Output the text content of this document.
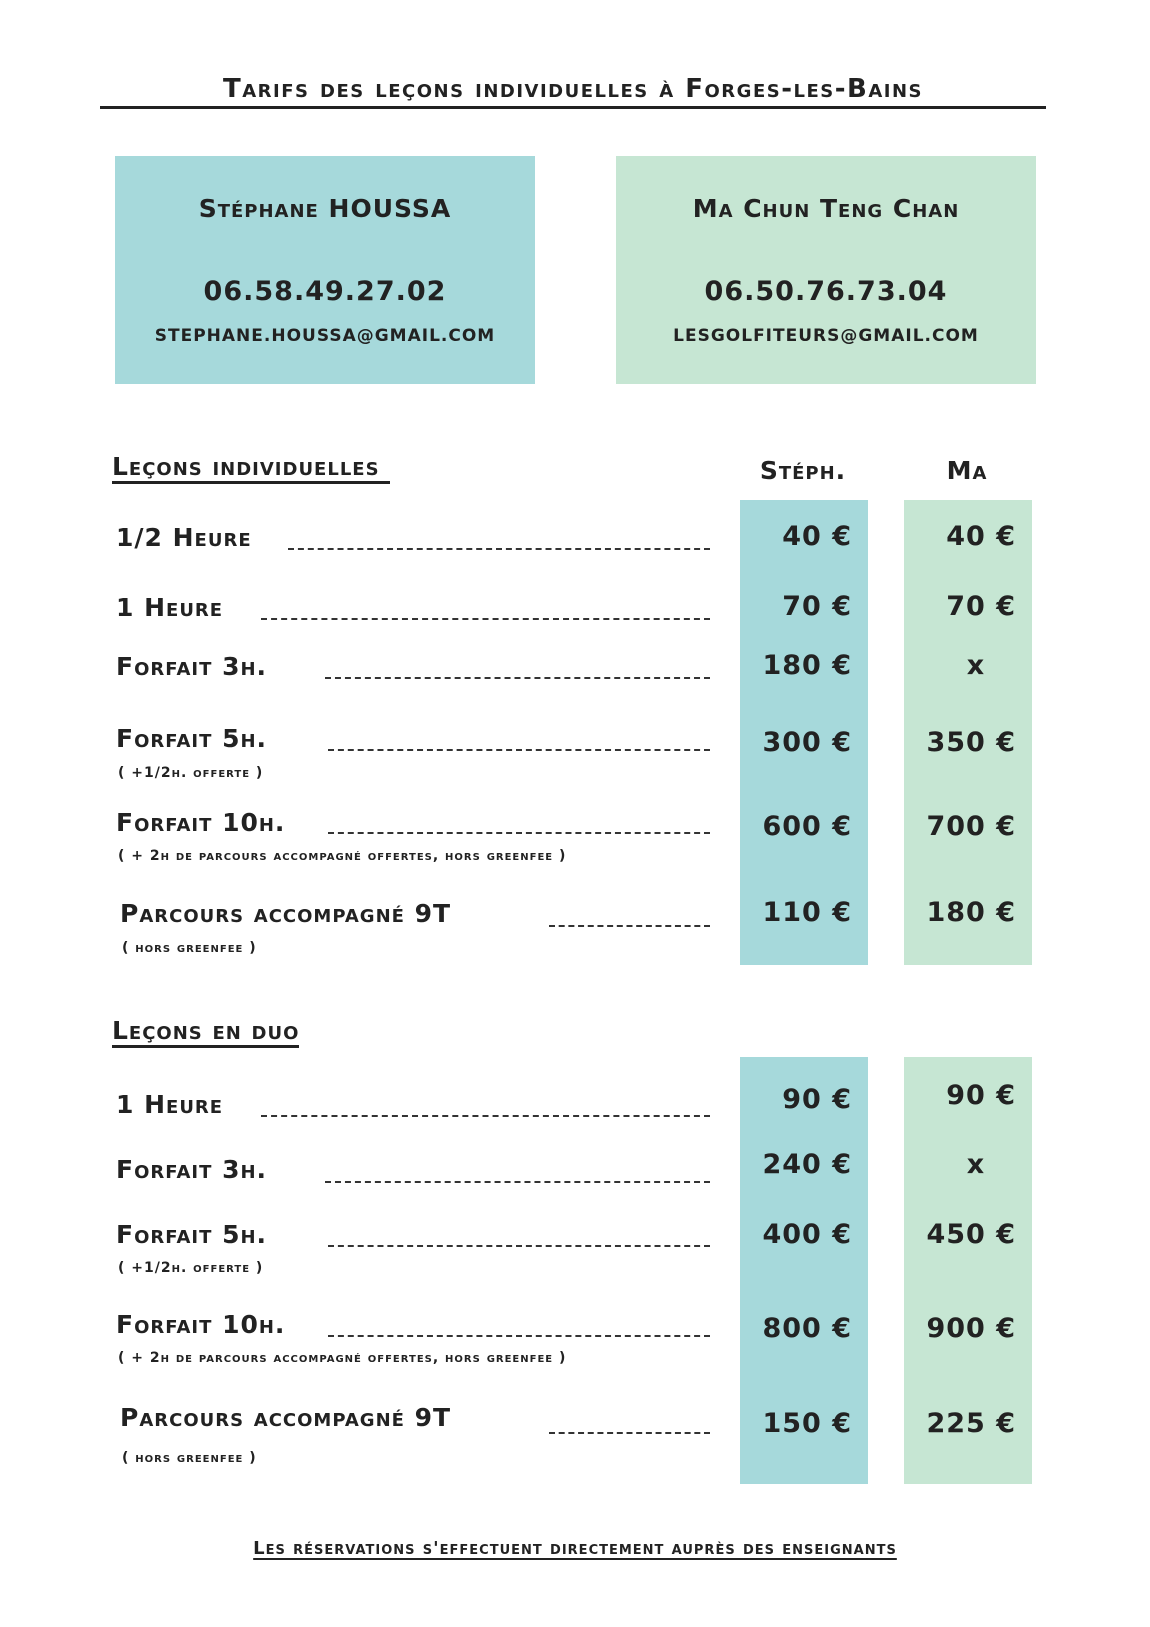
Tarifs des leçons individuelles à Forges-les-Bains
Stéphane HOUSSA
06.58.49.27.02
STEPHANE.HOUSSA@GMAIL.COM
Ma Chun Teng Chan
06.50.76.73.04
LESGOLFITEURS@GMAIL.COM
Leçons individuelles	Stéph.	Ma
1/2 Heure	40 €	40 €
1 Heure	70 €	70 €
Forfait 3h.	180 €	x
Forfait 5h.
( +1/2h. offerte )
300 €	350 €
Forfait 10h.
( + 2h de parcours accompagné offertes, hors greenfee )
600 €	700 €
Parcours accompagné 9T
( hors greenfee )
110 €	180 €
Leçons en duo
1 Heure	90 €	90 €
Forfait 3h.	240 €	x
Forfait 5h.
( +1/2h. offerte )
400 €	450 €
Forfait 10h.
( + 2h de parcours accompagné offertes, hors greenfee )
800 €	900 €
Parcours accompagné 9T
( hors greenfee )
150 €	225 €
Les réservations s'effectuent directement auprès des enseignants
